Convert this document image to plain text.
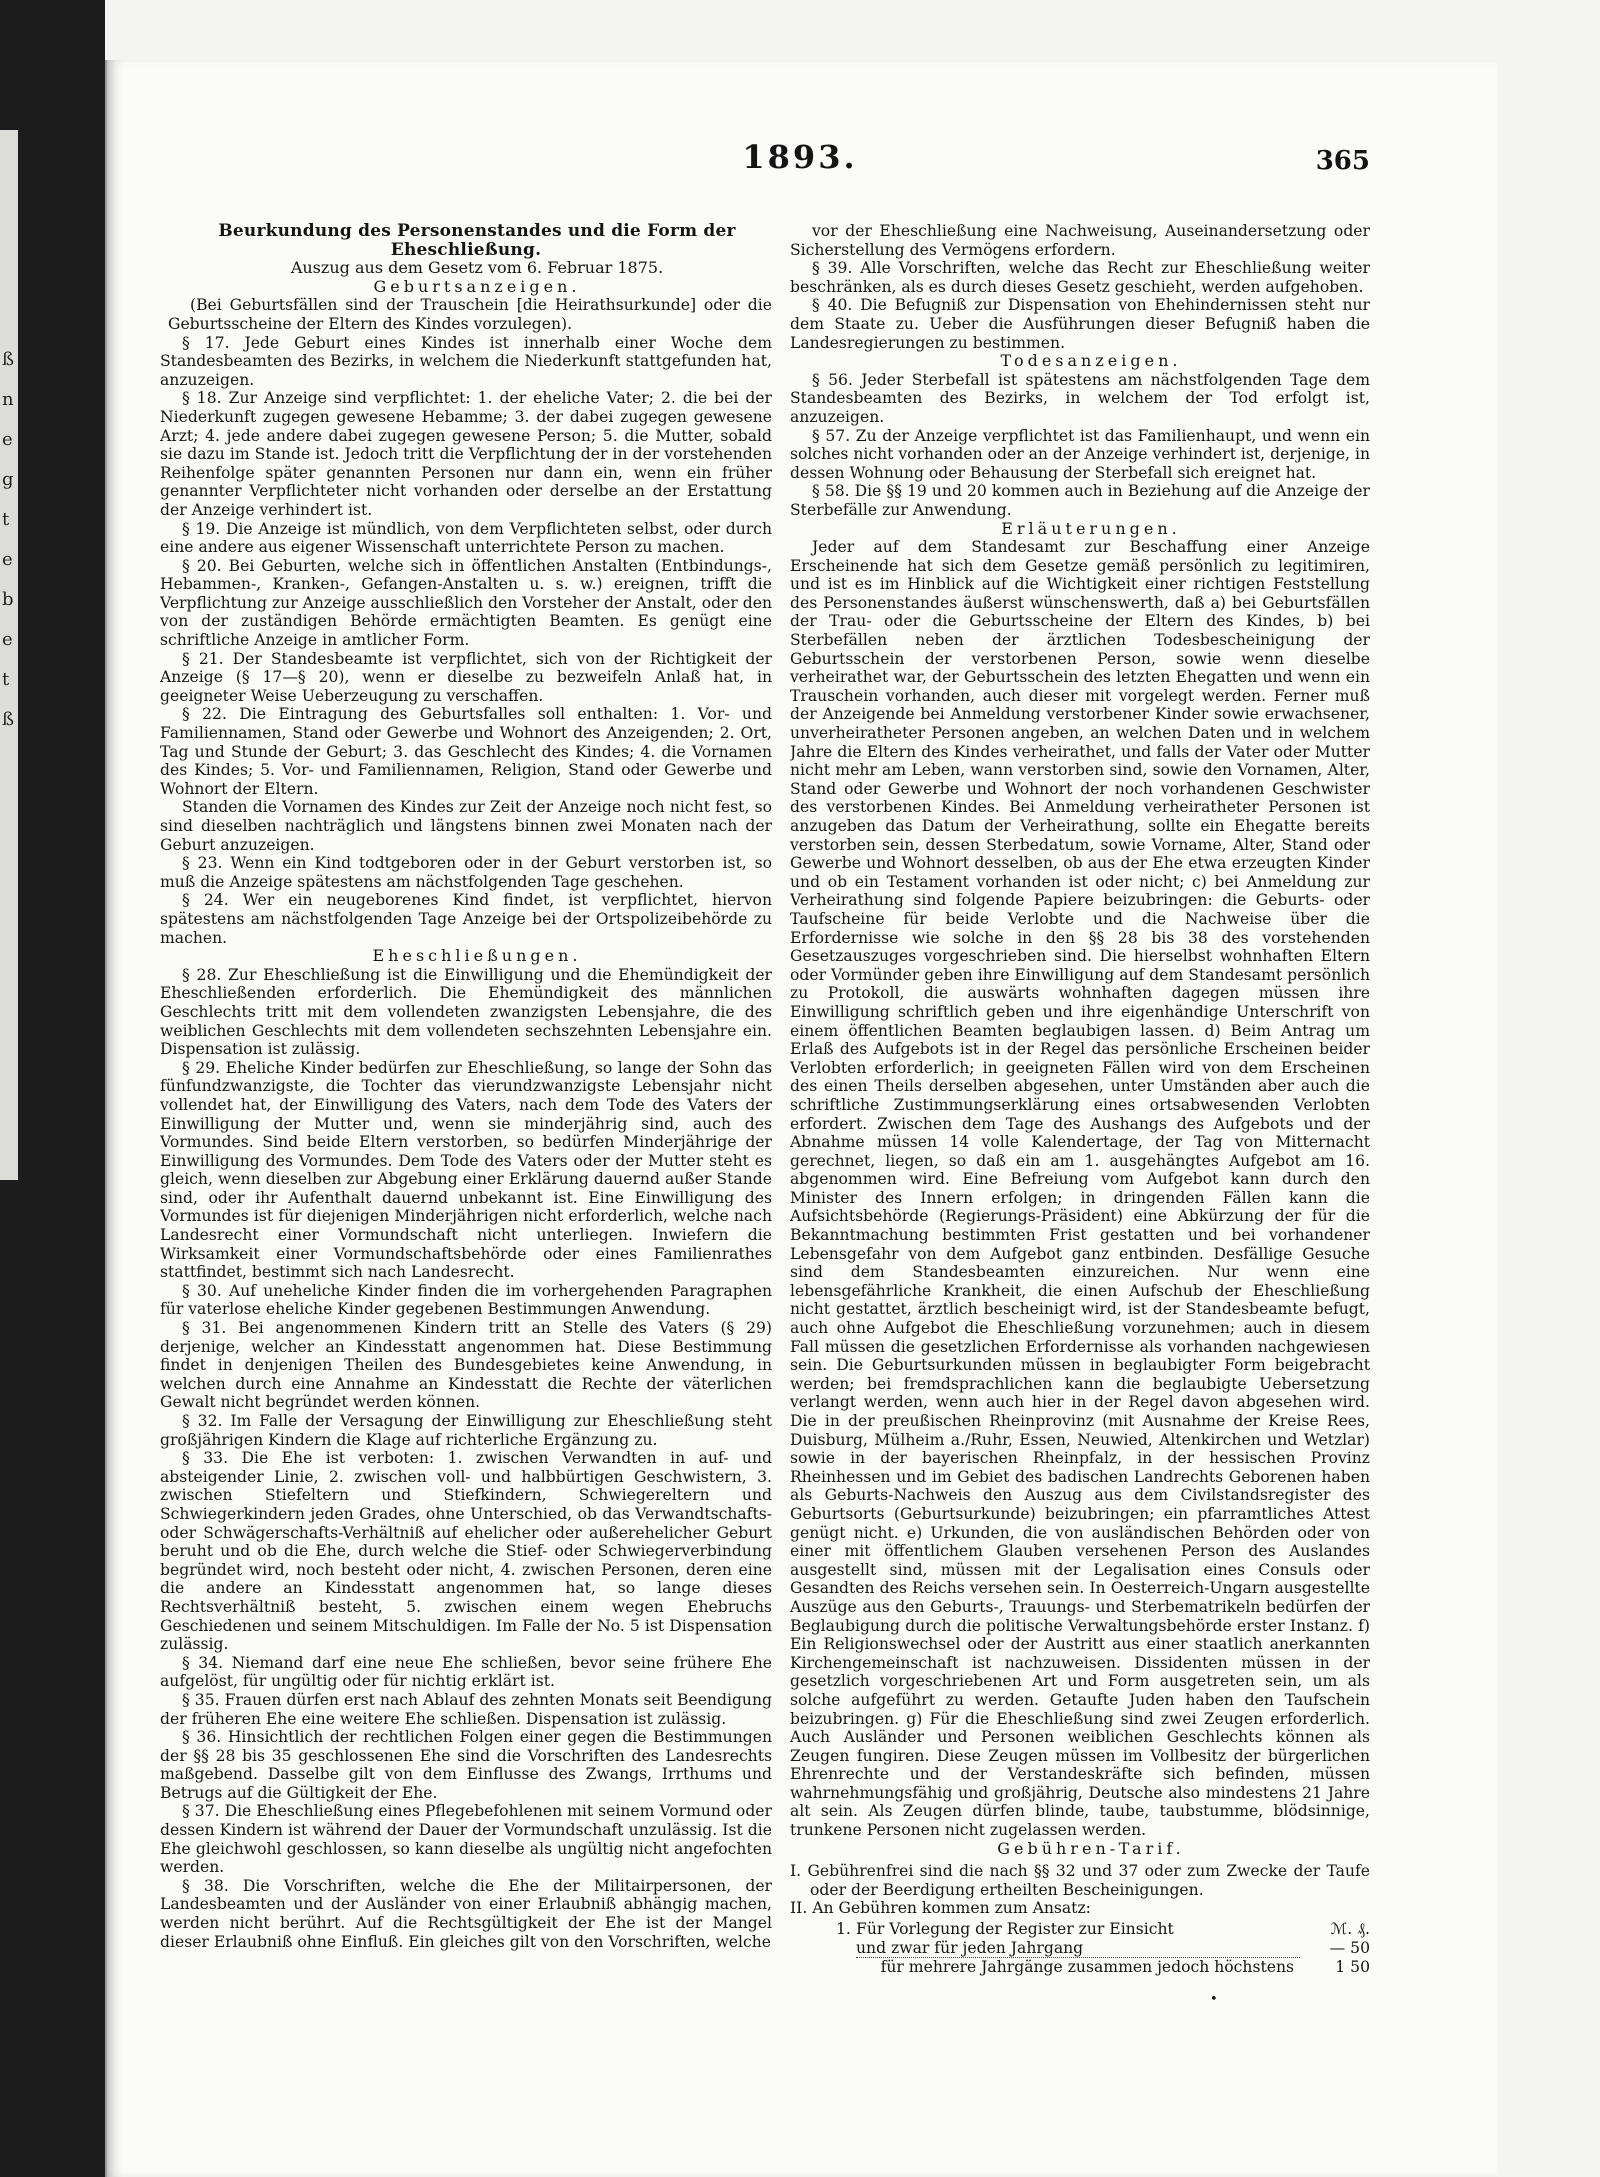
ß
n
e
g
t
e
b
e
t
ß
1893.	365

Beurkundung des Personenstandes und die Form der Eheschließung.

Auszug aus dem Gesetz vom 6. Februar 1875.

Geburtsanzeigen.

(Bei Geburtsfällen sind der Trauschein [die Heirathsurkunde] oder die Geburtsscheine der Eltern des Kindes vorzulegen).

§ 17. Jede Geburt eines Kindes ist innerhalb einer Woche dem Standesbeamten des Bezirks, in welchem die Niederkunft stattgefunden hat, anzuzeigen.

§ 18. Zur Anzeige sind verpflichtet: 1. der eheliche Vater; 2. die bei der Niederkunft zugegen gewesene Hebamme; 3. der dabei zugegen gewesene Arzt; 4. jede andere dabei zugegen gewesene Person; 5. die Mutter, sobald sie dazu im Stande ist. Jedoch tritt die Verpflichtung der in der vorstehenden Reihenfolge später genannten Personen nur dann ein, wenn ein früher genannter Verpflichteter nicht vorhanden oder derselbe an der Erstattung der Anzeige verhindert ist.

§ 19. Die Anzeige ist mündlich, von dem Verpflichteten selbst, oder durch eine andere aus eigener Wissenschaft unterrichtete Person zu machen.

§ 20. Bei Geburten, welche sich in öffentlichen Anstalten (Entbindungs-, Hebammen-, Kranken-, Gefangen-Anstalten u. s. w.) ereignen, trifft die Verpflichtung zur Anzeige ausschließlich den Vorsteher der Anstalt, oder den von der zuständigen Behörde ermächtigten Beamten. Es genügt eine schriftliche Anzeige in amtlicher Form.

§ 21. Der Standesbeamte ist verpflichtet, sich von der Richtigkeit der Anzeige (§ 17—§ 20), wenn er dieselbe zu bezweifeln Anlaß hat, in geeigneter Weise Ueberzeugung zu verschaffen.

§ 22. Die Eintragung des Geburtsfalles soll enthalten: 1. Vor- und Familiennamen, Stand oder Gewerbe und Wohnort des Anzeigenden; 2. Ort, Tag und Stunde der Geburt; 3. das Geschlecht des Kindes; 4. die Vornamen des Kindes; 5. Vor- und Familiennamen, Religion, Stand oder Gewerbe und Wohnort der Eltern.

Standen die Vornamen des Kindes zur Zeit der Anzeige noch nicht fest, so sind dieselben nachträglich und längstens binnen zwei Monaten nach der Geburt anzuzeigen.

§ 23. Wenn ein Kind todtgeboren oder in der Geburt verstorben ist, so muß die Anzeige spätestens am nächstfolgenden Tage geschehen.

§ 24. Wer ein neugeborenes Kind findet, ist verpflichtet, hiervon spätestens am nächstfolgenden Tage Anzeige bei der Ortspolizeibehörde zu machen.

Eheschließungen.

§ 28. Zur Eheschließung ist die Einwilligung und die Ehemündigkeit der Eheschließenden erforderlich. Die Ehemündigkeit des männlichen Geschlechts tritt mit dem vollendeten zwanzigsten Lebensjahre, die des weiblichen Geschlechts mit dem vollendeten sechszehnten Lebensjahre ein. Dispensation ist zulässig.

§ 29. Eheliche Kinder bedürfen zur Eheschließung, so lange der Sohn das fünfundzwanzigste, die Tochter das vierundzwanzigste Lebensjahr nicht vollendet hat, der Einwilligung des Vaters, nach dem Tode des Vaters der Einwilligung der Mutter und, wenn sie minderjährig sind, auch des Vormundes. Sind beide Eltern verstorben, so bedürfen Minderjährige der Einwilligung des Vormundes. Dem Tode des Vaters oder der Mutter steht es gleich, wenn dieselben zur Abgebung einer Erklärung dauernd außer Stande sind, oder ihr Aufenthalt dauernd unbekannt ist. Eine Einwilligung des Vormundes ist für diejenigen Minderjährigen nicht erforderlich, welche nach Landesrecht einer Vormundschaft nicht unterliegen. Inwiefern die Wirksamkeit einer Vormundschaftsbehörde oder eines Familienrathes stattfindet, bestimmt sich nach Landesrecht.

§ 30. Auf uneheliche Kinder finden die im vorhergehenden Paragraphen für vaterlose eheliche Kinder gegebenen Bestimmungen Anwendung.

§ 31. Bei angenommenen Kindern tritt an Stelle des Vaters (§ 29) derjenige, welcher an Kindesstatt angenommen hat. Diese Bestimmung findet in denjenigen Theilen des Bundesgebietes keine Anwendung, in welchen durch eine Annahme an Kindesstatt die Rechte der väterlichen Gewalt nicht begründet werden können.

§ 32. Im Falle der Versagung der Einwilligung zur Eheschließung steht großjährigen Kindern die Klage auf richterliche Ergänzung zu.

§ 33. Die Ehe ist verboten: 1. zwischen Verwandten in auf- und absteigender Linie, 2. zwischen voll- und halbbürtigen Geschwistern, 3. zwischen Stiefeltern und Stiefkindern, Schwiegereltern und Schwiegerkindern jeden Grades, ohne Unterschied, ob das Verwandtschafts- oder Schwägerschafts-Verhältniß auf ehelicher oder außerehelicher Geburt beruht und ob die Ehe, durch welche die Stief- oder Schwiegerverbindung begründet wird, noch besteht oder nicht, 4. zwischen Personen, deren eine die andere an Kindesstatt angenommen hat, so lange dieses Rechtsverhältniß besteht, 5. zwischen einem wegen Ehebruchs Geschiedenen und seinem Mitschuldigen. Im Falle der No. 5 ist Dispensation zulässig.

§ 34. Niemand darf eine neue Ehe schließen, bevor seine frühere Ehe aufgelöst, für ungültig oder für nichtig erklärt ist.

§ 35. Frauen dürfen erst nach Ablauf des zehnten Monats seit Beendigung der früheren Ehe eine weitere Ehe schließen. Dispensation ist zulässig.

§ 36. Hinsichtlich der rechtlichen Folgen einer gegen die Bestimmungen der §§ 28 bis 35 geschlossenen Ehe sind die Vorschriften des Landesrechts maßgebend. Dasselbe gilt von dem Einflusse des Zwangs, Irrthums und Betrugs auf die Gültigkeit der Ehe.

§ 37. Die Eheschließung eines Pflegebefohlenen mit seinem Vormund oder dessen Kindern ist während der Dauer der Vormundschaft unzulässig. Ist die Ehe gleichwohl geschlossen, so kann dieselbe als ungültig nicht angefochten werden.

§ 38. Die Vorschriften, welche die Ehe der Militairpersonen, der Landesbeamten und der Ausländer von einer Erlaubniß abhängig machen, werden nicht berührt. Auf die Rechtsgültigkeit der Ehe ist der Mangel dieser Erlaubniß ohne Einfluß. Ein gleiches gilt von den Vorschriften, welche

vor der Eheschließung eine Nachweisung, Auseinandersetzung oder Sicherstellung des Vermögens erfordern.

§ 39. Alle Vorschriften, welche das Recht zur Eheschließung weiter beschränken, als es durch dieses Gesetz geschieht, werden aufgehoben.

§ 40. Die Befugniß zur Dispensation von Ehehindernissen steht nur dem Staate zu. Ueber die Ausführungen dieser Befugniß haben die Landesregierungen zu bestimmen.

Todesanzeigen.

§ 56. Jeder Sterbefall ist spätestens am nächstfolgenden Tage dem Standesbeamten des Bezirks, in welchem der Tod erfolgt ist, anzuzeigen.

§ 57. Zu der Anzeige verpflichtet ist das Familienhaupt, und wenn ein solches nicht vorhanden oder an der Anzeige verhindert ist, derjenige, in dessen Wohnung oder Behausung der Sterbefall sich ereignet hat.

§ 58. Die §§ 19 und 20 kommen auch in Beziehung auf die Anzeige der Sterbefälle zur Anwendung.

Erläuterungen.

Jeder auf dem Standesamt zur Beschaffung einer Anzeige Erscheinende hat sich dem Gesetze gemäß persönlich zu legitimiren, und ist es im Hinblick auf die Wichtigkeit einer richtigen Feststellung des Personenstandes äußerst wünschenswerth, daß a) bei Geburtsfällen der Trau- oder die Geburtsscheine der Eltern des Kindes, b) bei Sterbefällen neben der ärztlichen Todesbescheinigung der Geburtsschein der verstorbenen Person, sowie wenn dieselbe verheirathet war, der Geburtsschein des letzten Ehegatten und wenn ein Trauschein vorhanden, auch dieser mit vorgelegt werden. Ferner muß der Anzeigende bei Anmeldung verstorbener Kinder sowie erwachsener, unverheiratheter Personen angeben, an welchen Daten und in welchem Jahre die Eltern des Kindes verheirathet, und falls der Vater oder Mutter nicht mehr am Leben, wann verstorben sind, sowie den Vornamen, Alter, Stand oder Gewerbe und Wohnort der noch vorhandenen Geschwister des verstorbenen Kindes. Bei Anmeldung verheiratheter Personen ist anzugeben das Datum der Verheirathung, sollte ein Ehegatte bereits verstorben sein, dessen Sterbedatum, sowie Vorname, Alter, Stand oder Gewerbe und Wohnort desselben, ob aus der Ehe etwa erzeugten Kinder und ob ein Testament vorhanden ist oder nicht; c) bei Anmeldung zur Verheirathung sind folgende Papiere beizubringen: die Geburts- oder Taufscheine für beide Verlobte und die Nachweise über die Erfordernisse wie solche in den §§ 28 bis 38 des vorstehenden Gesetzauszuges vorgeschrieben sind. Die hierselbst wohnhaften Eltern oder Vormünder geben ihre Einwilligung auf dem Standesamt persönlich zu Protokoll, die auswärts wohnhaften dagegen müssen ihre Einwilligung schriftlich geben und ihre eigenhändige Unterschrift von einem öffentlichen Beamten beglaubigen lassen. d) Beim Antrag um Erlaß des Aufgebots ist in der Regel das persönliche Erscheinen beider Verlobten erforderlich; in geeigneten Fällen wird von dem Erscheinen des einen Theils derselben abgesehen, unter Umständen aber auch die schriftliche Zustimmungserklärung eines ortsabwesenden Verlobten erfordert. Zwischen dem Tage des Aushangs des Aufgebots und der Abnahme müssen 14 volle Kalendertage, der Tag von Mitternacht gerechnet, liegen, so daß ein am 1. ausgehängtes Aufgebot am 16. abgenommen wird. Eine Befreiung vom Aufgebot kann durch den Minister des Innern erfolgen; in dringenden Fällen kann die Aufsichtsbehörde (Regierungs-Präsident) eine Abkürzung der für die Bekanntmachung bestimmten Frist gestatten und bei vorhandener Lebensgefahr von dem Aufgebot ganz entbinden. Desfällige Gesuche sind dem Standesbeamten einzureichen. Nur wenn eine lebensgefährliche Krankheit, die einen Aufschub der Eheschließung nicht gestattet, ärztlich bescheinigt wird, ist der Standesbeamte befugt, auch ohne Aufgebot die Eheschließung vorzunehmen; auch in diesem Fall müssen die gesetzlichen Erfordernisse als vorhanden nachgewiesen sein. Die Geburtsurkunden müssen in beglaubigter Form beigebracht werden; bei fremdsprachlichen kann die beglaubigte Uebersetzung verlangt werden, wenn auch hier in der Regel davon abgesehen wird. Die in der preußischen Rheinprovinz (mit Ausnahme der Kreise Rees, Duisburg, Mülheim a./Ruhr, Essen, Neuwied, Altenkirchen und Wetzlar) sowie in der bayerischen Rheinpfalz, in der hessischen Provinz Rheinhessen und im Gebiet des badischen Landrechts Geborenen haben als Geburts-Nachweis den Auszug aus dem Civilstandsregister des Geburtsorts (Geburtsurkunde) beizubringen; ein pfarramtliches Attest genügt nicht. e) Urkunden, die von ausländischen Behörden oder von einer mit öffentlichem Glauben versehenen Person des Auslandes ausgestellt sind, müssen mit der Legalisation eines Consuls oder Gesandten des Reichs versehen sein. In Oesterreich-Ungarn ausgestellte Auszüge aus den Geburts-, Trauungs- und Sterbematrikeln bedürfen der Beglaubigung durch die politische Verwaltungsbehörde erster Instanz. f) Ein Religionswechsel oder der Austritt aus einer staatlich anerkannten Kirchengemeinschaft ist nachzuweisen. Dissidenten müssen in der gesetzlich vorgeschriebenen Art und Form ausgetreten sein, um als solche aufgeführt zu werden. Getaufte Juden haben den Taufschein beizubringen. g) Für die Eheschließung sind zwei Zeugen erforderlich. Auch Ausländer und Personen weiblichen Geschlechts können als Zeugen fungiren. Diese Zeugen müssen im Vollbesitz der bürgerlichen Ehrenrechte und der Verstandeskräfte sich befinden, müssen wahrnehmungsfähig und großjährig, Deutsche also mindestens 21 Jahre alt sein. Als Zeugen dürfen blinde, taube, taubstumme, blödsinnige, trunkene Personen nicht zugelassen werden.

Gebühren-Tarif.

I. Gebührenfrei sind die nach §§ 32 und 37 oder zum Zwecke der Taufe oder der Beerdigung ertheilten Bescheinigungen.

II. An Gebühren kommen zum Ansatz:

1.	Für Vorlegung der Register zur Einsicht	ℳ. ₰.
	und zwar für jeden Jahrgang	— 50
	für mehrere Jahrgänge zusammen jedoch höchstens	1 50

•
